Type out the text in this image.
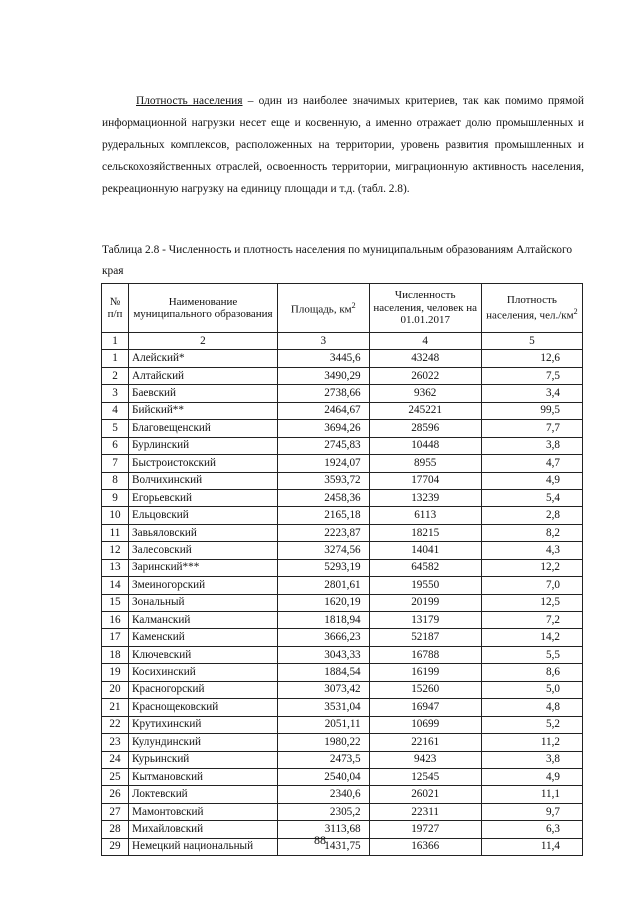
Плотность населения – один из наиболее значимых критериев, так как помимо прямой информационной нагрузки несет еще и косвенную, а именно отражает долю промышленных и рудеральных комплексов, расположенных на территории, уровень развития промышленных и сельскохозяйственных отраслей, освоенность территории, миграционную активность населения, рекреационную нагрузку на единицу площади и т.д. (табл. 2.8).

Таблица 2.8 - Численность и плотность населения по муниципальным образованиям Алтайского края
№ п/п	Наименование муниципального образования	Площадь, $км^2$	Численность населения, человек на 01.01.2017	Плотность населения, $чел./км^2$
1	2	3	4	5
1	Алейский*	3445,6	43248	12,6
2	Алтайский	3490,29	26022	7,5
3	Баевский	2738,66	9362	3,4
4	Бийский**	2464,67	245221	99,5
5	Благовещенский	3694,26	28596	7,7
6	Бурлинский	2745,83	10448	3,8
7	Быстроистокский	1924,07	8955	4,7
8	Волчихинский	3593,72	17704	4,9
9	Егорьевский	2458,36	13239	5,4
10	Ельцовский	2165,18	6113	2,8
11	Завьяловский	2223,87	18215	8,2
12	Залесовский	3274,56	14041	4,3
13	Заринский***	5293,19	64582	12,2
14	Змеиногорский	2801,61	19550	7,0
15	Зональный	1620,19	20199	12,5
16	Калманский	1818,94	13179	7,2
17	Каменский	3666,23	52187	14,2
18	Ключевский	3043,33	16788	5,5
19	Косихинский	1884,54	16199	8,6
20	Красногорский	3073,42	15260	5,0
21	Краснощековский	3531,04	16947	4,8
22	Крутихинский	2051,11	10699	5,2
23	Кулундинский	1980,22	22161	11,2
24	Курьинский	2473,5	9423	3,8
25	Кытмановский	2540,04	12545	4,9
26	Локтевский	2340,6	26021	11,1
27	Мамонтовский	2305,2	22311	9,7
28	Михайловский	3113,68	19727	6,3
29	Немецкий национальный	1431,75	16366	11,4
88
